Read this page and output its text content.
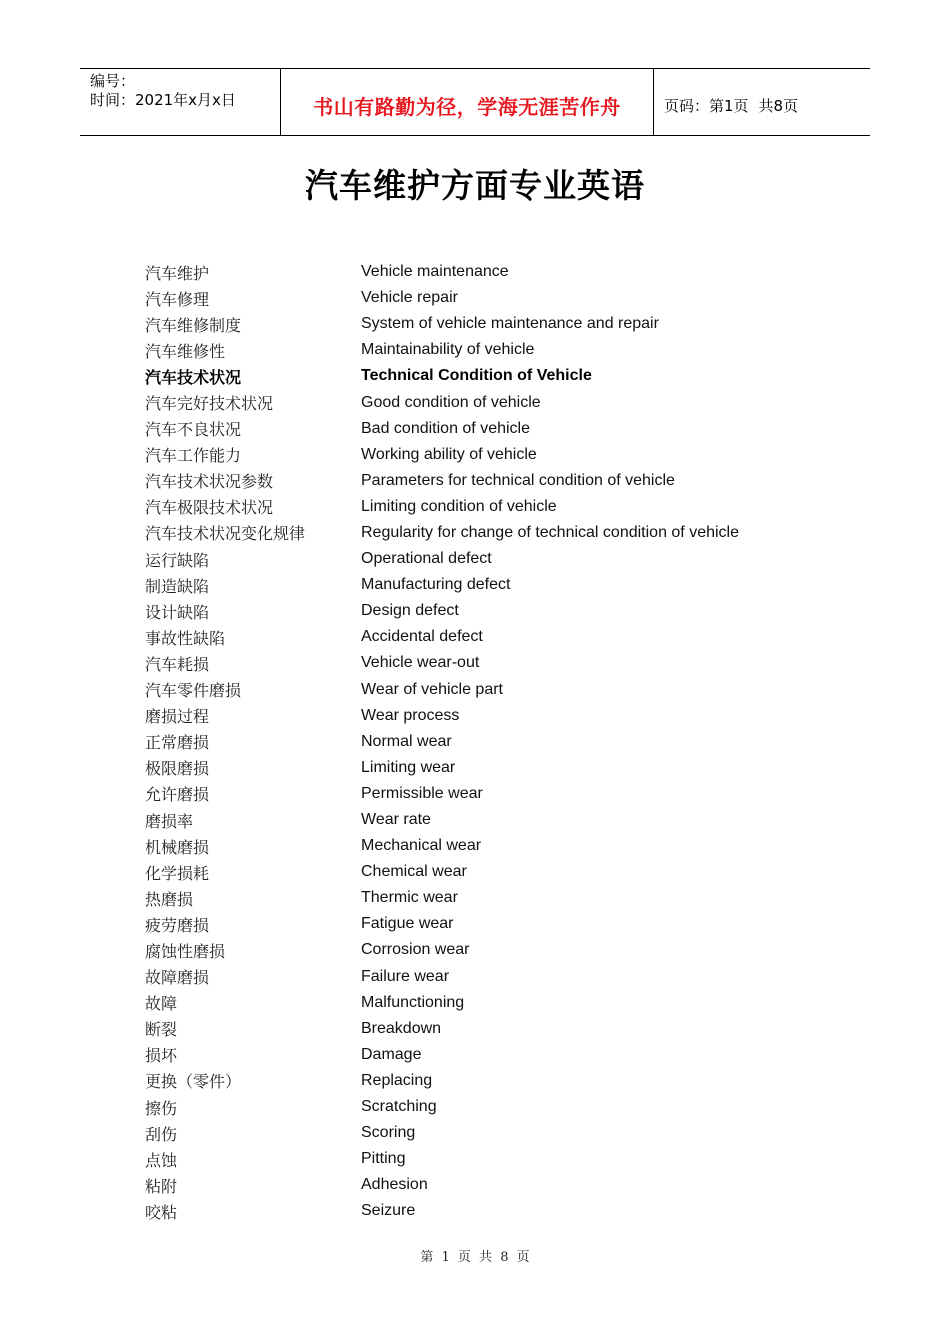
编号：
时间：2021年x月x日	书山有路勤为径，学海无涯苦作舟	页码：第1页 共8页
汽车维护方面专业英语
汽车维护	Vehicle maintenance
汽车修理	Vehicle repair
汽车维修制度	System of vehicle maintenance and repair
汽车维修性	Maintainability of vehicle
汽车技术状况	Technical Condition of Vehicle
汽车完好技术状况	Good condition of vehicle
汽车不良状况	Bad condition of vehicle
汽车工作能力	Working ability of vehicle
汽车技术状况参数	Parameters for technical condition of vehicle
汽车极限技术状况	Limiting condition of vehicle
汽车技术状况变化规律	Regularity for change of technical condition of vehicle
运行缺陷	Operational defect
制造缺陷	Manufacturing defect
设计缺陷	Design defect
事故性缺陷	Accidental defect
汽车耗损	Vehicle wear-out
汽车零件磨损	Wear of vehicle part
磨损过程	Wear process
正常磨损	Normal wear
极限磨损	Limiting wear
允许磨损	Permissible wear
磨损率	Wear rate
机械磨损	Mechanical wear
化学损耗	Chemical wear
热磨损	Thermic wear
疲劳磨损	Fatigue wear
腐蚀性磨损	Corrosion wear
故障磨损	Failure wear
故障	Malfunctioning
断裂	Breakdown
损坏	Damage
更换（零件）	Replacing
擦伤	Scratching
刮伤	Scoring
点蚀	Pitting
粘附	Adhesion
咬粘	Seizure
第 1 页 共 8 页
